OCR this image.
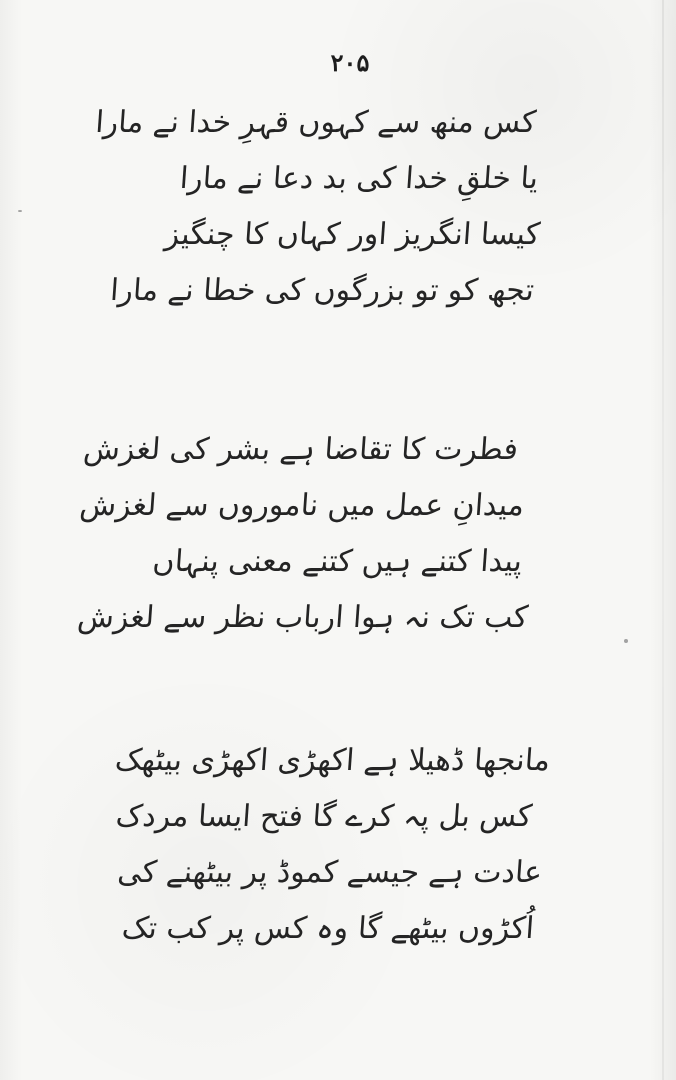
۲۰۵
کس منھ سے کہوں قہرِ خدا نے مارا
یا خلقِ خدا کی بد دعا نے مارا
کیسا انگریز اور کہاں کا چنگیز
تجھ کو تو بزرگوں کی خطا نے مارا
فطرت کا تقاضا ہے بشر کی لغزش
میدانِ عمل میں ناموروں سے لغزش
پیدا کتنے ہیں کتنے معنی پنہاں
کب تک نہ ہوا ارباب نظر سے لغزش
مانجھا ڈھیلا ہے اکھڑی اکھڑی بیٹھک
کس بل پہ کرے گا فتح ایسا مردک
عادت ہے جیسے کموڈ پر بیٹھنے کی
اُکڑوں بیٹھے گا وہ کس پر کب تک
